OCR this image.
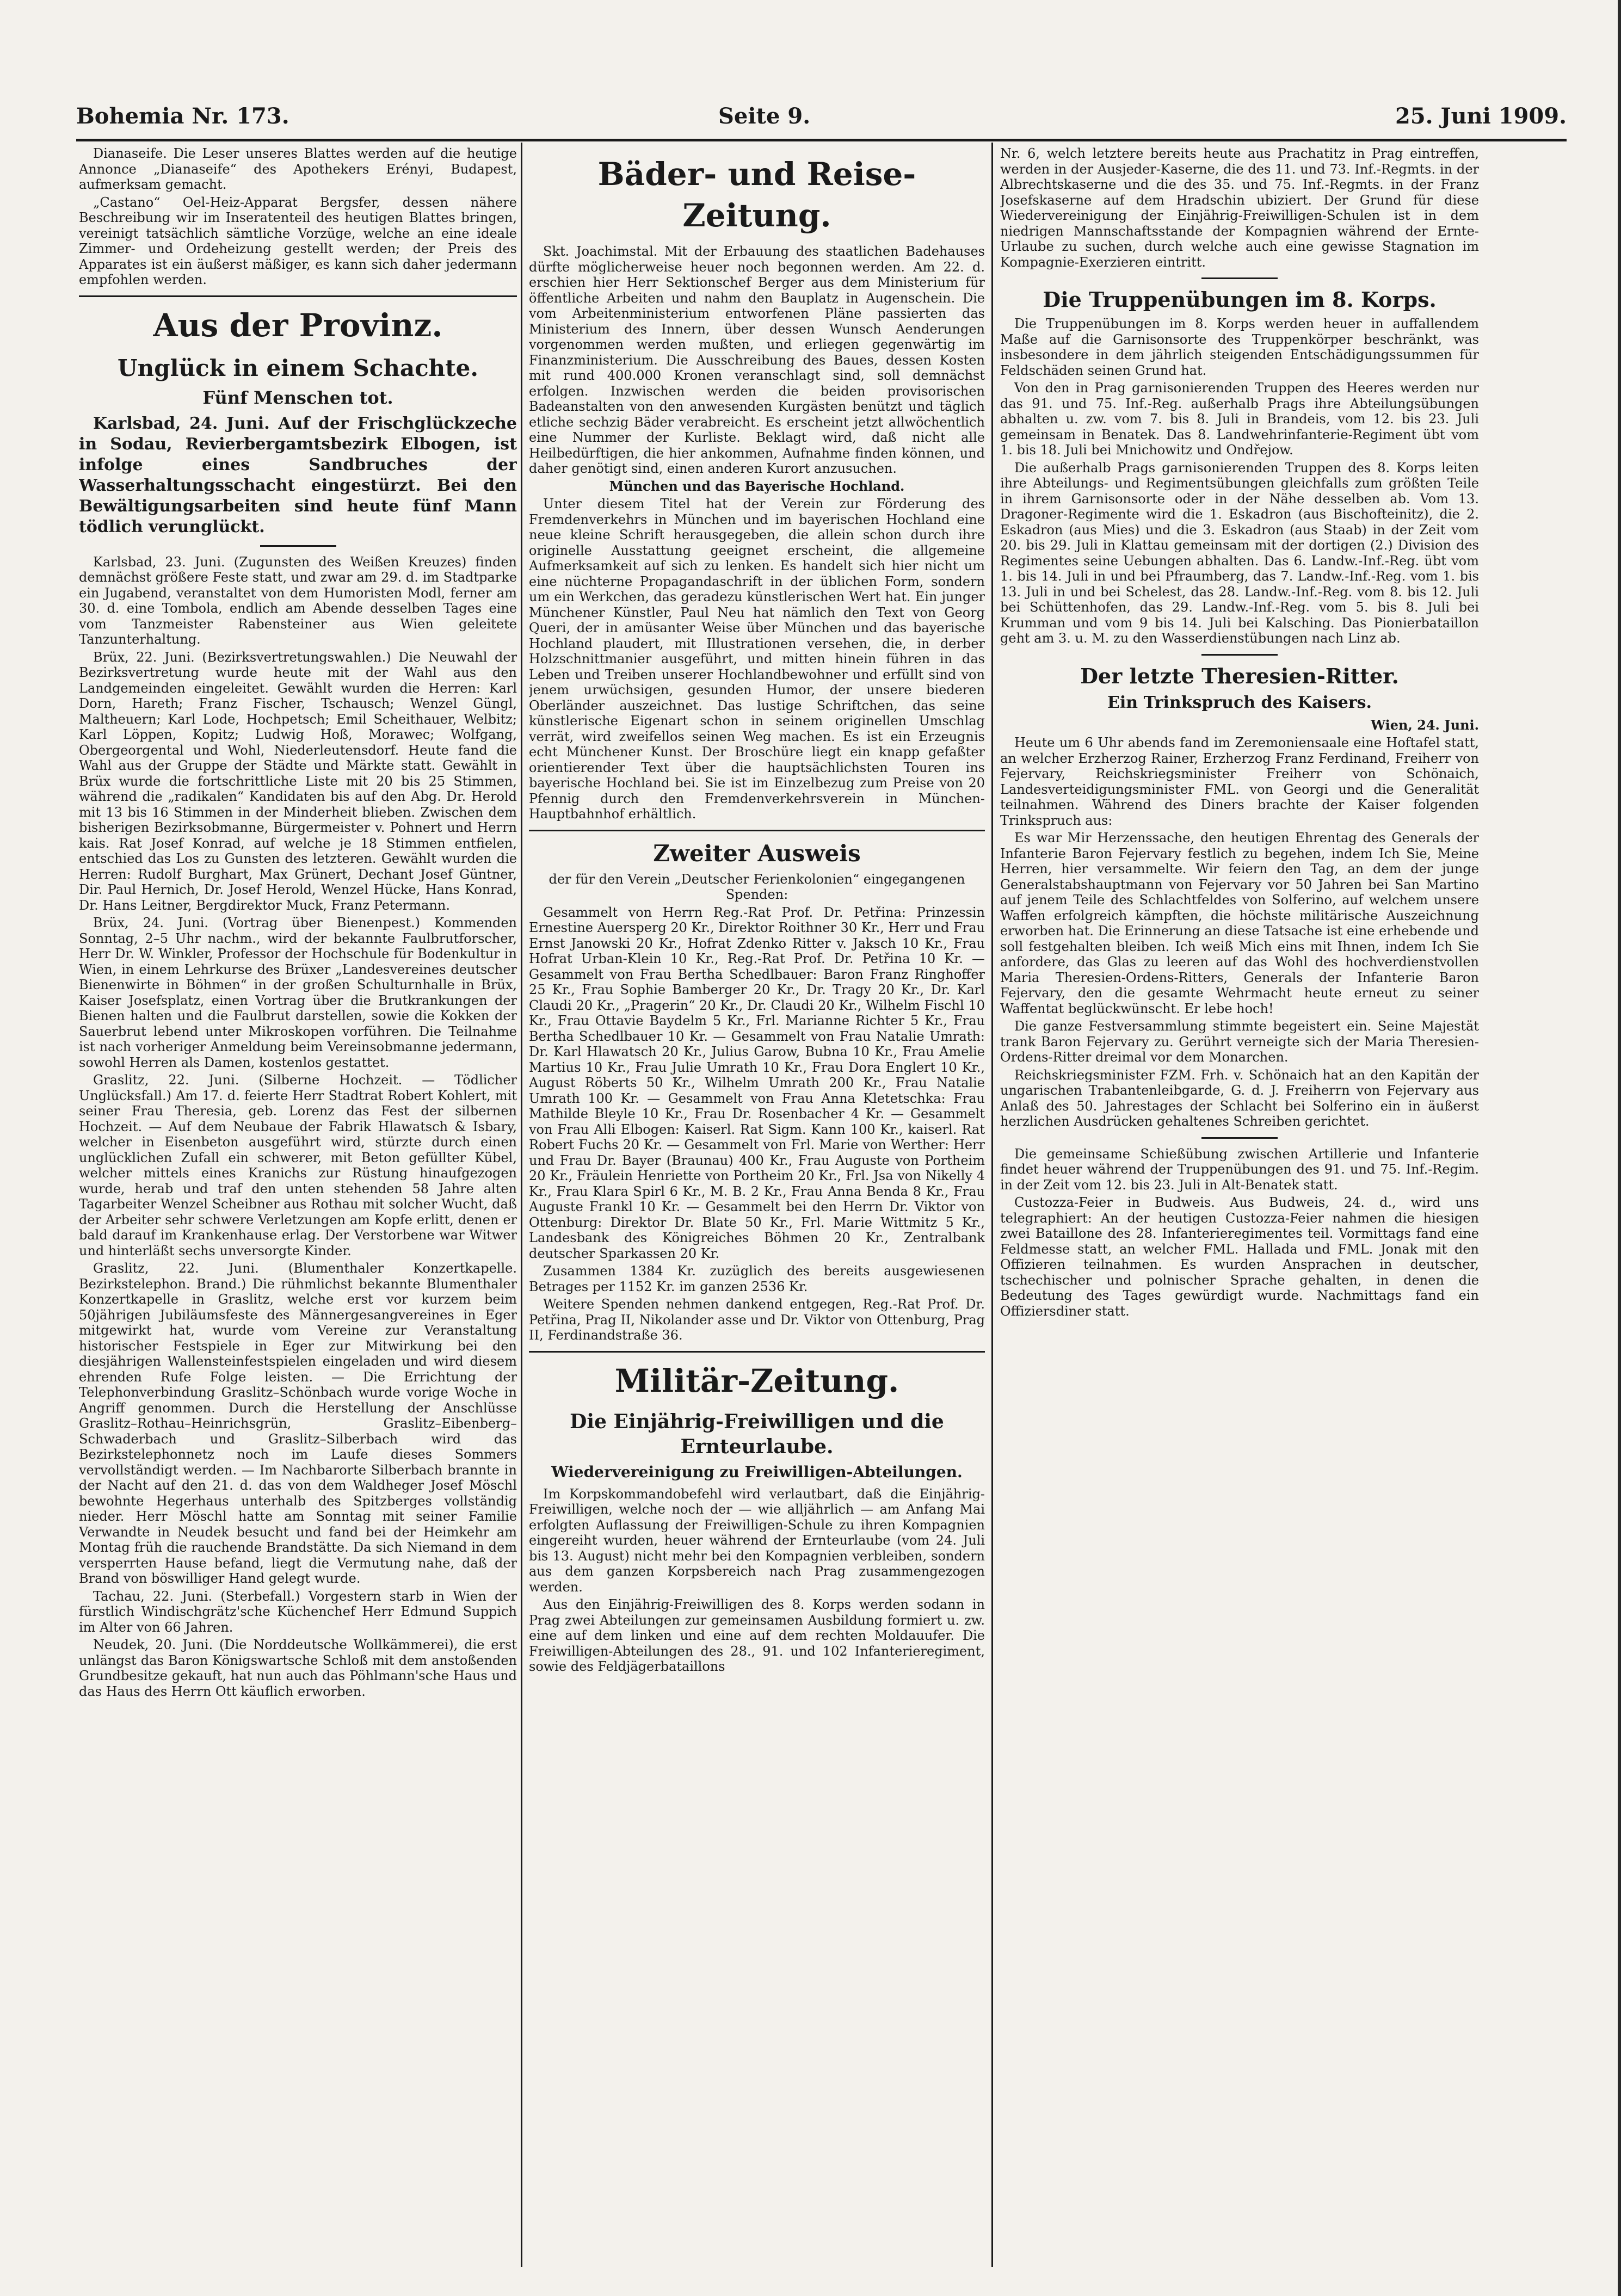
Bohemia Nr. 173.	Seite 9.	25. Juni 1909.

Dianaseife. Die Leser unseres Blattes werden auf die heutige Annonce „Dianaseife“ des Apothekers Erényi, Budapest, aufmerksam gemacht.

„Castano“ Oel-Heiz-Apparat Bergsfer, dessen nähere Beschreibung wir im Inseratenteil des heutigen Blattes bringen, vereinigt tatsächlich sämtliche Vorzüge, welche an eine ideale Zimmer- und Ordeheizung gestellt werden; der Preis des Apparates ist ein äußerst mäßiger, es kann sich daher jedermann empfohlen werden.

Aus der Provinz.
Unglück in einem Schachte.
Fünf Menschen tot.

Karlsbad, 24. Juni. Auf der Frischglückzeche in Sodau, Revierbergamtsbezirk Elbogen, ist infolge eines Sandbruches der Wasserhaltungsschacht eingestürzt. Bei den Bewältigungsarbeiten sind heute fünf Mann tödlich verunglückt.

Karlsbad, 23. Juni. (Zugunsten des Weißen Kreuzes) finden demnächst größere Feste statt, und zwar am 29. d. im Stadtparke ein Jugabend, veranstaltet von dem Humoristen Modl, ferner am 30. d. eine Tombola, endlich am Abende desselben Tages eine vom Tanzmeister Rabensteiner aus Wien geleitete Tanzunterhaltung.

Brüx, 22. Juni. (Bezirksvertretungswahlen.) Die Neuwahl der Bezirksvertretung wurde heute mit der Wahl aus den Landgemeinden eingeleitet. Gewählt wurden die Herren: Karl Dorn, Hareth; Franz Fischer, Tschausch; Wenzel Güngl, Maltheuern; Karl Lode, Hochpetsch; Emil Scheithauer, Welbitz; Karl Löppen, Kopitz; Ludwig Hoß, Morawec; Wolfgang, Obergeorgental und Wohl, Niederleutensdorf. Heute fand die Wahl aus der Gruppe der Städte und Märkte statt. Gewählt in Brüx wurde die fortschrittliche Liste mit 20 bis 25 Stimmen, während die „radikalen“ Kandidaten bis auf den Abg. Dr. Herold mit 13 bis 16 Stimmen in der Minderheit blieben. Zwischen dem bisherigen Bezirksobmanne, Bürgermeister v. Pohnert und Herrn kais. Rat Josef Konrad, auf welche je 18 Stimmen entfielen, entschied das Los zu Gunsten des letzteren. Gewählt wurden die Herren: Rudolf Burghart, Max Grünert, Dechant Josef Güntner, Dir. Paul Hernich, Dr. Josef Herold, Wenzel Hücke, Hans Konrad, Dr. Hans Leitner, Bergdirektor Muck, Franz Petermann.

Brüx, 24. Juni. (Vortrag über Bienenpest.) Kommenden Sonntag, 2–5 Uhr nachm., wird der bekannte Faulbrutforscher, Herr Dr. W. Winkler, Professor der Hochschule für Bodenkultur in Wien, in einem Lehrkurse des Brüxer „Landesvereines deutscher Bienenwirte in Böhmen“ in der großen Schulturnhalle in Brüx, Kaiser Josefsplatz, einen Vortrag über die Brutkrankungen der Bienen halten und die Faulbrut darstellen, sowie die Kokken der Sauerbrut lebend unter Mikroskopen vorführen. Die Teilnahme ist nach vorheriger Anmeldung beim Vereinsobmanne jedermann, sowohl Herren als Damen, kostenlos gestattet.

Graslitz, 22. Juni. (Silberne Hochzeit. — Tödlicher Unglücksfall.) Am 17. d. feierte Herr Stadtrat Robert Kohlert, mit seiner Frau Theresia, geb. Lorenz das Fest der silbernen Hochzeit. — Auf dem Neubaue der Fabrik Hlawatsch & Isbary, welcher in Eisenbeton ausgeführt wird, stürzte durch einen unglücklichen Zufall ein schwerer, mit Beton gefüllter Kübel, welcher mittels eines Kranichs zur Rüstung hinaufgezogen wurde, herab und traf den unten stehenden 58 Jahre alten Tagarbeiter Wenzel Scheibner aus Rothau mit solcher Wucht, daß der Arbeiter sehr schwere Verletzungen am Kopfe erlitt, denen er bald darauf im Krankenhause erlag. Der Verstorbene war Witwer und hinterläßt sechs unversorgte Kinder.

Graslitz, 22. Juni. (Blumenthaler Konzertkapelle. Bezirkstelephon. Brand.) Die rühmlichst bekannte Blumenthaler Konzertkapelle in Graslitz, welche erst vor kurzem beim 50jährigen Jubiläumsfeste des Männergesangvereines in Eger mitgewirkt hat, wurde vom Vereine zur Veranstaltung historischer Festspiele in Eger zur Mitwirkung bei den diesjährigen Wallensteinfestspielen eingeladen und wird diesem ehrenden Rufe Folge leisten. — Die Errichtung der Telephonverbindung Graslitz–Schönbach wurde vorige Woche in Angriff genommen. Durch die Herstellung der Anschlüsse Graslitz–Rothau–Heinrichsgrün, Graslitz–Eibenberg–Schwaderbach und Graslitz–Silberbach wird das Bezirkstelephonnetz noch im Laufe dieses Sommers vervollständigt werden. — Im Nachbarorte Silberbach brannte in der Nacht auf den 21. d. das von dem Waldheger Josef Möschl bewohnte Hegerhaus unterhalb des Spitzberges vollständig nieder. Herr Möschl hatte am Sonntag mit seiner Familie Verwandte in Neudek besucht und fand bei der Heimkehr am Montag früh die rauchende Brandstätte. Da sich Niemand in dem versperrten Hause befand, liegt die Vermutung nahe, daß der Brand von böswilliger Hand gelegt wurde.

Tachau, 22. Juni. (Sterbefall.) Vorgestern starb in Wien der fürstlich Windischgrätz'sche Küchenchef Herr Edmund Suppich im Alter von 66 Jahren.

Neudek, 20. Juni. (Die Norddeutsche Wollkämmerei), die erst unlängst das Baron Königswartsche Schloß mit dem anstoßenden Grundbesitze gekauft, hat nun auch das Pöhlmann'sche Haus und das Haus des Herrn Ott käuflich erworben.

Bäder- und Reise-Zeitung.

Skt. Joachimstal. Mit der Erbauung des staatlichen Badehauses dürfte möglicherweise heuer noch begonnen werden. Am 22. d. erschien hier Herr Sektionschef Berger aus dem Ministerium für öffentliche Arbeiten und nahm den Bauplatz in Augenschein. Die vom Arbeitenministerium entworfenen Pläne passierten das Ministerium des Innern, über dessen Wunsch Aenderungen vorgenommen werden mußten, und erliegen gegenwärtig im Finanzministerium. Die Ausschreibung des Baues, dessen Kosten mit rund 400.000 Kronen veranschlagt sind, soll demnächst erfolgen. Inzwischen werden die beiden provisorischen Badeanstalten von den anwesenden Kurgästen benützt und täglich etliche sechzig Bäder verabreicht. Es erscheint jetzt allwöchentlich eine Nummer der Kurliste. Beklagt wird, daß nicht alle Heilbedürftigen, die hier ankommen, Aufnahme finden können, und daher genötigt sind, einen anderen Kurort anzusuchen.

München und das Bayerische Hochland.

Unter diesem Titel hat der Verein zur Förderung des Fremdenverkehrs in München und im bayerischen Hochland eine neue kleine Schrift herausgegeben, die allein schon durch ihre originelle Ausstattung geeignet erscheint, die allgemeine Aufmerksamkeit auf sich zu lenken. Es handelt sich hier nicht um eine nüchterne Propagandaschrift in der üblichen Form, sondern um ein Werkchen, das geradezu künstlerischen Wert hat. Ein junger Münchener Künstler, Paul Neu hat nämlich den Text von Georg Queri, der in amüsanter Weise über München und das bayerische Hochland plaudert, mit Illustrationen versehen, die, in derber Holzschnittmanier ausgeführt, und mitten hinein führen in das Leben und Treiben unserer Hochlandbewohner und erfüllt sind von jenem urwüchsigen, gesunden Humor, der unsere biederen Oberländer auszeichnet. Das lustige Schriftchen, das seine künstlerische Eigenart schon in seinem originellen Umschlag verrät, wird zweifellos seinen Weg machen. Es ist ein Erzeugnis echt Münchener Kunst. Der Broschüre liegt ein knapp gefaßter orientierender Text über die hauptsächlichsten Touren ins bayerische Hochland bei. Sie ist im Einzelbezug zum Preise von 20 Pfennig durch den Fremdenverkehrsverein in München-Hauptbahnhof erhältlich.

Zweiter Ausweis

der für den Verein „Deutscher Ferienkolonien“ eingegangenen Spenden:

Gesammelt von Herrn Reg.-Rat Prof. Dr. Petřina: Prinzessin Ernestine Auersperg 20 Kr., Direktor Roithner 30 Kr., Herr und Frau Ernst Janowski 20 Kr., Hofrat Zdenko Ritter v. Jaksch 10 Kr., Frau Hofrat Urban-Klein 10 Kr., Reg.-Rat Prof. Dr. Petřina 10 Kr. — Gesammelt von Frau Bertha Schedlbauer: Baron Franz Ringhoffer 25 Kr., Frau Sophie Bamberger 20 Kr., Dr. Tragy 20 Kr., Dr. Karl Claudi 20 Kr., „Pragerin“ 20 Kr., Dr. Claudi 20 Kr., Wilhelm Fischl 10 Kr., Frau Ottavie Baydelm 5 Kr., Frl. Marianne Richter 5 Kr., Frau Bertha Schedlbauer 10 Kr. — Gesammelt von Frau Natalie Umrath: Dr. Karl Hlawatsch 20 Kr., Julius Garow, Bubna 10 Kr., Frau Amelie Martius 10 Kr., Frau Julie Umrath 10 Kr., Frau Dora Englert 10 Kr., August Röberts 50 Kr., Wilhelm Umrath 200 Kr., Frau Natalie Umrath 100 Kr. — Gesammelt von Frau Anna Kletetschka: Frau Mathilde Bleyle 10 Kr., Frau Dr. Rosenbacher 4 Kr. — Gesammelt von Frau Alli Elbogen: Kaiserl. Rat Sigm. Kann 100 Kr., kaiserl. Rat Robert Fuchs 20 Kr. — Gesammelt von Frl. Marie von Werther: Herr und Frau Dr. Bayer (Braunau) 400 Kr., Frau Auguste von Portheim 20 Kr., Fräulein Henriette von Portheim 20 Kr., Frl. Jsa von Nikelly 4 Kr., Frau Klara Spirl 6 Kr., M. B. 2 Kr., Frau Anna Benda 8 Kr., Frau Auguste Frankl 10 Kr. — Gesammelt bei den Herrn Dr. Viktor von Ottenburg: Direktor Dr. Blate 50 Kr., Frl. Marie Wittmitz 5 Kr., Landesbank des Königreiches Böhmen 20 Kr., Zentralbank deutscher Sparkassen 20 Kr.

Zusammen 1384 Kr. zuzüglich des bereits ausgewiesenen Betrages per 1152 Kr. im ganzen 2536 Kr.

Weitere Spenden nehmen dankend entgegen, Reg.-Rat Prof. Dr. Petřina, Prag II, Nikolander asse und Dr. Viktor von Ottenburg, Prag II, Ferdinandstraße 36.

Militär-Zeitung.
Die Einjährig-Freiwilligen und die Ernteurlaube.
Wiedervereinigung zu Freiwilligen-Abteilungen.

Im Korpskommandobefehl wird verlautbart, daß die Einjährig-Freiwilligen, welche noch der — wie alljährlich — am Anfang Mai erfolgten Auflassung der Freiwilligen-Schule zu ihren Kompagnien eingereiht wurden, heuer während der Ernteurlaube (vom 24. Juli bis 13. August) nicht mehr bei den Kompagnien verbleiben, sondern aus dem ganzen Korpsbereich nach Prag zusammengezogen werden.

Aus den Einjährig-Freiwilligen des 8. Korps werden sodann in Prag zwei Abteilungen zur gemeinsamen Ausbildung formiert u. zw. eine auf dem linken und eine auf dem rechten Moldauufer. Die Freiwilligen-Abteilungen des 28., 91. und 102 Infanterieregiment, sowie des Feldjägerbataillons

Nr. 6, welch letztere bereits heute aus Prachatitz in Prag eintreffen, werden in der Ausjeder-Kaserne, die des 11. und 73. Inf.-Regmts. in der Albrechtskaserne und die des 35. und 75. Inf.-Regmts. in der Franz Josefskaserne auf dem Hradschin ubiziert. Der Grund für diese Wiedervereinigung der Einjährig-Freiwilligen-Schulen ist in dem niedrigen Mannschaftsstande der Kompagnien während der Ernte-Urlaube zu suchen, durch welche auch eine gewisse Stagnation im Kompagnie-Exerzieren eintritt.

Die Truppenübungen im 8. Korps.

Die Truppenübungen im 8. Korps werden heuer in auffallendem Maße auf die Garnisonsorte des Truppenkörper beschränkt, was insbesondere in dem jährlich steigenden Entschädigungssummen für Feldschäden seinen Grund hat.

Von den in Prag garnisonierenden Truppen des Heeres werden nur das 91. und 75. Inf.-Reg. außerhalb Prags ihre Abteilungsübungen abhalten u. zw. vom 7. bis 8. Juli in Brandeis, vom 12. bis 23. Juli gemeinsam in Benatek. Das 8. Landwehrinfanterie-Regiment übt vom 1. bis 18. Juli bei Mnichowitz und Ondřejow.

Die außerhalb Prags garnisonierenden Truppen des 8. Korps leiten ihre Abteilungs- und Regimentsübungen gleichfalls zum größten Teile in ihrem Garnisonsorte oder in der Nähe desselben ab. Vom 13. Dragoner-Regimente wird die 1. Eskadron (aus Bischofteinitz), die 2. Eskadron (aus Mies) und die 3. Eskadron (aus Staab) in der Zeit vom 20. bis 29. Juli in Klattau gemeinsam mit der dortigen (2.) Division des Regimentes seine Uebungen abhalten. Das 6. Landw.-Inf.-Reg. übt vom 1. bis 14. Juli in und bei Pfraumberg, das 7. Landw.-Inf.-Reg. vom 1. bis 13. Juli in und bei Schelest, das 28. Landw.-Inf.-Reg. vom 8. bis 12. Juli bei Schüttenhofen, das 29. Landw.-Inf.-Reg. vom 5. bis 8. Juli bei Krumman und vom 9 bis 14. Juli bei Kalsching. Das Pionierbataillon geht am 3. u. M. zu den Wasserdienstübungen nach Linz ab.

Der letzte Theresien-Ritter.
Ein Trinkspruch des Kaisers.

Wien, 24. Juni.

Heute um 6 Uhr abends fand im Zeremoniensaale eine Hoftafel statt, an welcher Erzherzog Rainer, Erzherzog Franz Ferdinand, Freiherr von Fejervary, Reichskriegsminister Freiherr von Schönaich, Landesverteidigungsminister FML. von Georgi und die Generalität teilnahmen. Während des Diners brachte der Kaiser folgenden Trinkspruch aus:

Es war Mir Herzenssache, den heutigen Ehrentag des Generals der Infanterie Baron Fejervary festlich zu begehen, indem Ich Sie, Meine Herren, hier versammelte. Wir feiern den Tag, an dem der junge Generalstabshauptmann von Fejervary vor 50 Jahren bei San Martino auf jenem Teile des Schlachtfeldes von Solferino, auf welchem unsere Waffen erfolgreich kämpften, die höchste militärische Auszeichnung erworben hat. Die Erinnerung an diese Tatsache ist eine erhebende und soll festgehalten bleiben. Ich weiß Mich eins mit Ihnen, indem Ich Sie anfordere, das Glas zu leeren auf das Wohl des hochverdienstvollen Maria Theresien-Ordens-Ritters, Generals der Infanterie Baron Fejervary, den die gesamte Wehrmacht heute erneut zu seiner Waffentat beglückwünscht. Er lebe hoch!

Die ganze Festversammlung stimmte begeistert ein. Seine Majestät trank Baron Fejervary zu. Gerührt verneigte sich der Maria Theresien-Ordens-Ritter dreimal vor dem Monarchen.

Reichskriegsminister FZM. Frh. v. Schönaich hat an den Kapitän der ungarischen Trabantenleibgarde, G. d. J. Freiherrn von Fejervary aus Anlaß des 50. Jahrestages der Schlacht bei Solferino ein in äußerst herzlichen Ausdrücken gehaltenes Schreiben gerichtet.

Die gemeinsame Schießübung zwischen Artillerie und Infanterie findet heuer während der Truppenübungen des 91. und 75. Inf.-Regim. in der Zeit vom 12. bis 23. Juli in Alt-Benatek statt.

Custozza-Feier in Budweis. Aus Budweis, 24. d., wird uns telegraphiert: An der heutigen Custozza-Feier nahmen die hiesigen zwei Bataillone des 28. Infanterieregimentes teil. Vormittags fand eine Feldmesse statt, an welcher FML. Hallada und FML. Jonak mit den Offizieren teilnahmen. Es wurden Ansprachen in deutscher, tschechischer und polnischer Sprache gehalten, in denen die Bedeutung des Tages gewürdigt wurde. Nachmittags fand ein Offiziersdiner statt.
